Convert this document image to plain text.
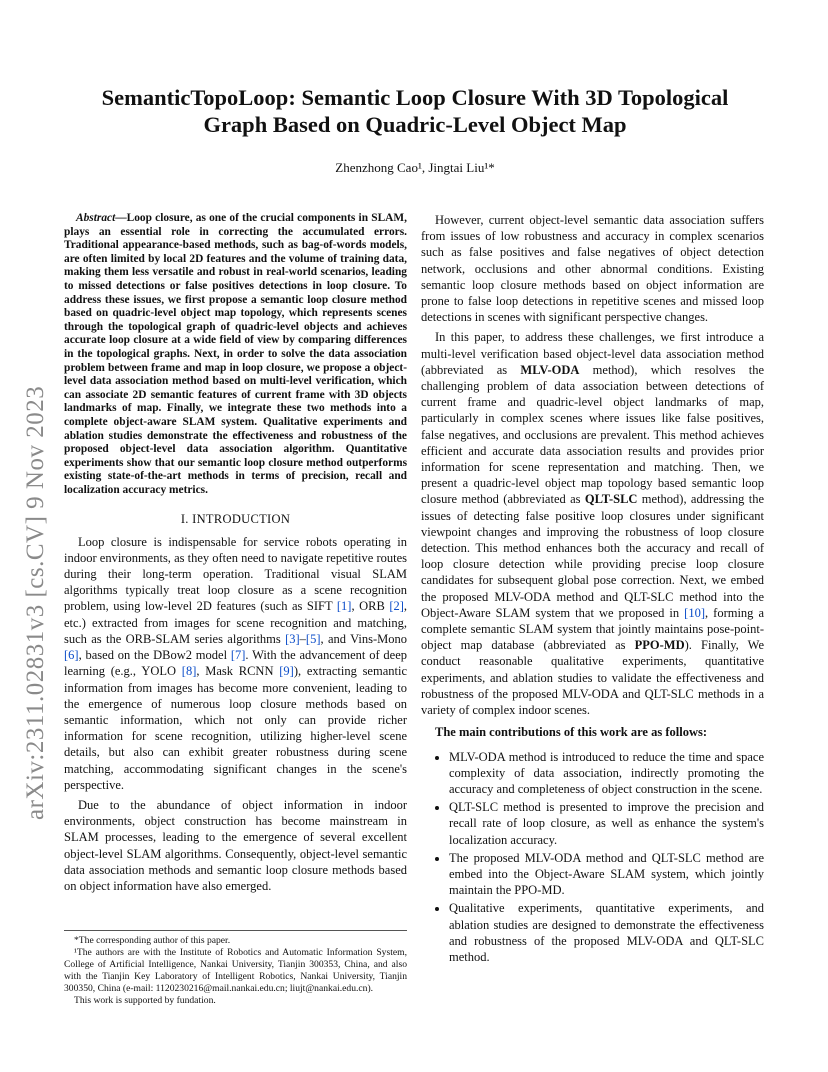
arXiv:2311.02831v3 [cs.CV] 9 Nov 2023
SemanticTopoLoop: Semantic Loop Closure With 3D Topological Graph Based on Quadric-Level Object Map
Zhenzhong Cao¹, Jingtai Liu¹*

Abstract—Loop closure, as one of the crucial components in SLAM, plays an essential role in correcting the accumulated errors. Traditional appearance-based methods, such as bag-of-words models, are often limited by local 2D features and the volume of training data, making them less versatile and robust in real-world scenarios, leading to missed detections or false positives detections in loop closure. To address these issues, we first propose a semantic loop closure method based on quadric-level object map topology, which represents scenes through the topological graph of quadric-level objects and achieves accurate loop closure at a wide field of view by comparing differences in the topological graphs. Next, in order to solve the data association problem between frame and map in loop closure, we propose a object-level data association method based on multi-level verification, which can associate 2D semantic features of current frame with 3D objects landmarks of map. Finally, we integrate these two methods into a complete object-aware SLAM system. Qualitative experiments and ablation studies demonstrate the effectiveness and robustness of the proposed object-level data association algorithm. Quantitative experiments show that our semantic loop closure method outperforms existing state-of-the-art methods in terms of precision, recall and localization accuracy metrics.

I. INTRODUCTION

Loop closure is indispensable for service robots operating in indoor environments, as they often need to navigate repetitive routes during their long-term operation. Traditional visual SLAM algorithms typically treat loop closure as a scene recognition problem, using low-level 2D features (such as SIFT [1], ORB [2], etc.) extracted from images for scene recognition and matching, such as the ORB-SLAM series algorithms [3]–[5], and Vins-Mono [6], based on the DBow2 model [7]. With the advancement of deep learning (e.g., YOLO [8], Mask RCNN [9]), extracting semantic information from images has become more convenient, leading to the emergence of numerous loop closure methods based on semantic information, which not only can provide richer information for scene recognition, utilizing higher-level scene details, but also can exhibit greater robustness during scene matching, accommodating significant changes in the scene's perspective.

Due to the abundance of object information in indoor environments, object construction has become mainstream in SLAM processes, leading to the emergence of several excellent object-level SLAM algorithms. Consequently, object-level semantic data association methods and semantic loop closure methods based on object information have also emerged.

*The corresponding author of this paper.

¹The authors are with the Institute of Robotics and Automatic Information System, College of Artificial Intelligence, Nankai University, Tianjin 300353, China, and also with the Tianjin Key Laboratory of Intelligent Robotics, Nankai University, Tianjin 300350, China (e-mail: 1120230216@mail.nankai.edu.cn; liujt@nankai.edu.cn).

This work is supported by fundation.

However, current object-level semantic data association suffers from issues of low robustness and accuracy in complex scenarios such as false positives and false negatives of object detection network, occlusions and other abnormal conditions. Existing semantic loop closure methods based on object information are prone to false loop detections in repetitive scenes and missed loop detections in scenes with significant perspective changes.

In this paper, to address these challenges, we first introduce a multi-level verification based object-level data association method (abbreviated as MLV-ODA method), which resolves the challenging problem of data association between detections of current frame and quadric-level object landmarks of map, particularly in complex scenes where issues like false positives, false negatives, and occlusions are prevalent. This method achieves efficient and accurate data association results and provides prior information for scene representation and matching. Then, we present a quadric-level object map topology based semantic loop closure method (abbreviated as QLT-SLC method), addressing the issues of detecting false positive loop closures under significant viewpoint changes and improving the robustness of loop closure detection. This method enhances both the accuracy and recall of loop closure detection while providing precise loop closure candidates for subsequent global pose correction. Next, we embed the proposed MLV-ODA method and QLT-SLC method into the Object-Aware SLAM system that we proposed in [10], forming a complete semantic SLAM system that jointly maintains pose-point-object map database (abbreviated as PPO-MD). Finally, We conduct reasonable qualitative experiments, quantitative experiments, and ablation studies to validate the effectiveness and robustness of the proposed MLV-ODA and QLT-SLC methods in a variety of complex indoor scenes.

The main contributions of this work are as follows:
• MLV-ODA method is introduced to reduce the time and space complexity of data association, indirectly promoting the accuracy and completeness of object construction in the scene.
• QLT-SLC method is presented to improve the precision and recall rate of loop closure, as well as enhance the system's localization accuracy.
• The proposed MLV-ODA method and QLT-SLC method are embed into the Object-Aware SLAM system, which jointly maintain the PPO-MD.
• Qualitative experiments, quantitative experiments, and ablation studies are designed to demonstrate the effectiveness and robustness of the proposed MLV-ODA and QLT-SLC method.
